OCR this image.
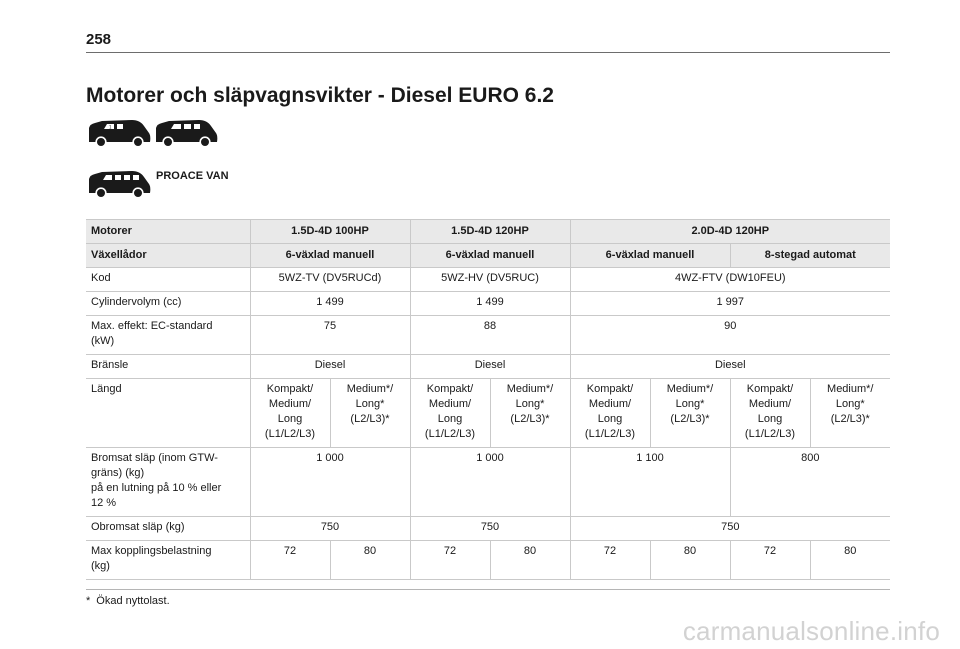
258
Motorer och släpvagnsvikter - Diesel EURO 6.2
1
PROACE VAN
Motorer	1.5D-4D 100HP		1.5D-4D 120HP		2.0D-4D 120HP			
Växellådor	6-växlad manuell		6-växlad manuell		6-växlad manuell		8-stegad automat	
Kod	5WZ-TV (DV5RUCd)		5WZ-HV (DV5RUC)		4WZ-FTV (DW10FEU)			
Cylindervolym (cc)	1 499		1 499		1 997			
Max. effekt: EC-standard
(kW)	75		88		90			
Bränsle	Diesel		Diesel		Diesel			
Längd	Kompakt/
Medium/
Long
(L1/L2/L3)	Medium*/
Long*
(L2/L3)*	Kompakt/
Medium/
Long
(L1/L2/L3)	Medium*/
Long*
(L2/L3)*	Kompakt/
Medium/
Long
(L1/L2/L3)	Medium*/
Long*
(L2/L3)*	Kompakt/
Medium/
Long
(L1/L2/L3)	Medium*/
Long*
(L2/L3)*
Bromsat släp (inom GTW-
gräns) (kg)
på en lutning på 10 % eller
12 %	1 000		1 000		1 100		800	
Obromsat släp (kg)	750		750		750			
Max kopplingsbelastning
(kg)	72	80	72	80	72	80	72	80
* Ökad nyttolast.
carmanualsonline.info
